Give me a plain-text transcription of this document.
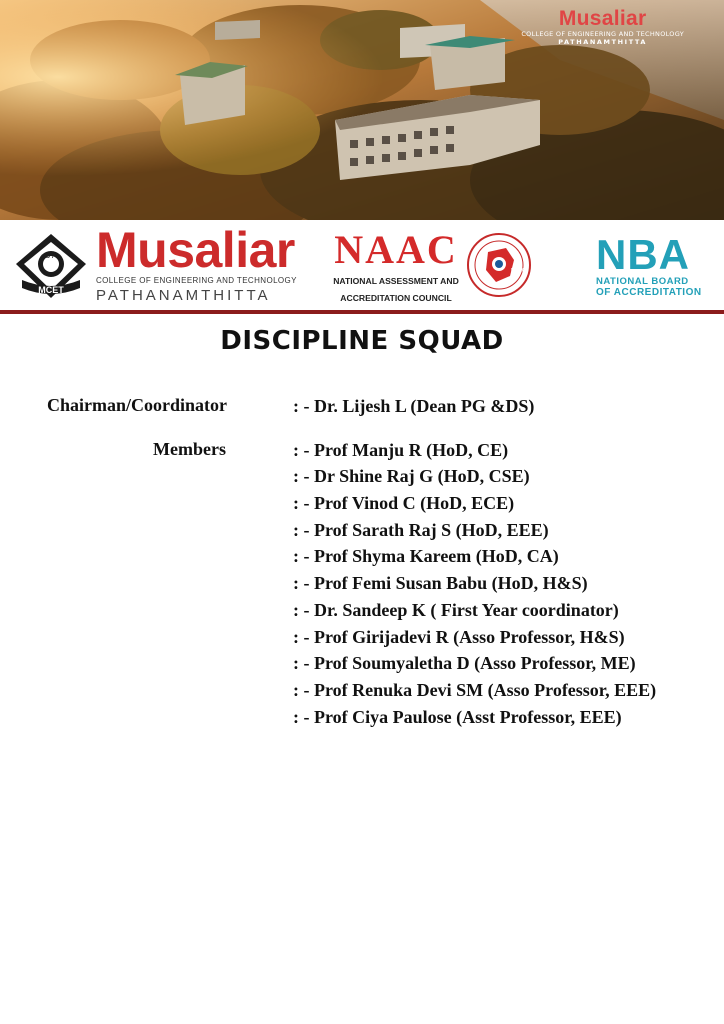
Musaliar
COLLEGE OF ENGINEERING AND TECHNOLOGY
PATHANAMTHITTA
MCET
S A Musaliar
COLLEGE OF ENGINEERING AND TECHNOLOGY
PATHANAMTHITTA
NAAC
NATIONAL ASSESSMENT AND
ACCREDITATION COUNCIL
NAAC NBA
NATIONAL BOARD
OF ACCREDITATION
DISCIPLINE SQUAD
Chairman/Coordinator
Members
: - Dr. Lijesh L (Dean PG &DS)
: - Prof Manju R (HoD, CE)
: - Dr Shine Raj G (HoD, CSE)
: - Prof Vinod C (HoD, ECE)
: - Prof Sarath Raj S (HoD, EEE)
: - Prof Shyma Kareem (HoD, CA)
: - Prof Femi Susan Babu (HoD, H&S)
: - Dr. Sandeep K ( First Year coordinator)
: - Prof Girijadevi R (Asso Professor, H&S)
: - Prof Soumyaletha D (Asso Professor, ME)
: - Prof Renuka Devi SM (Asso Professor, EEE)
: - Prof Ciya Paulose (Asst Professor, EEE)
